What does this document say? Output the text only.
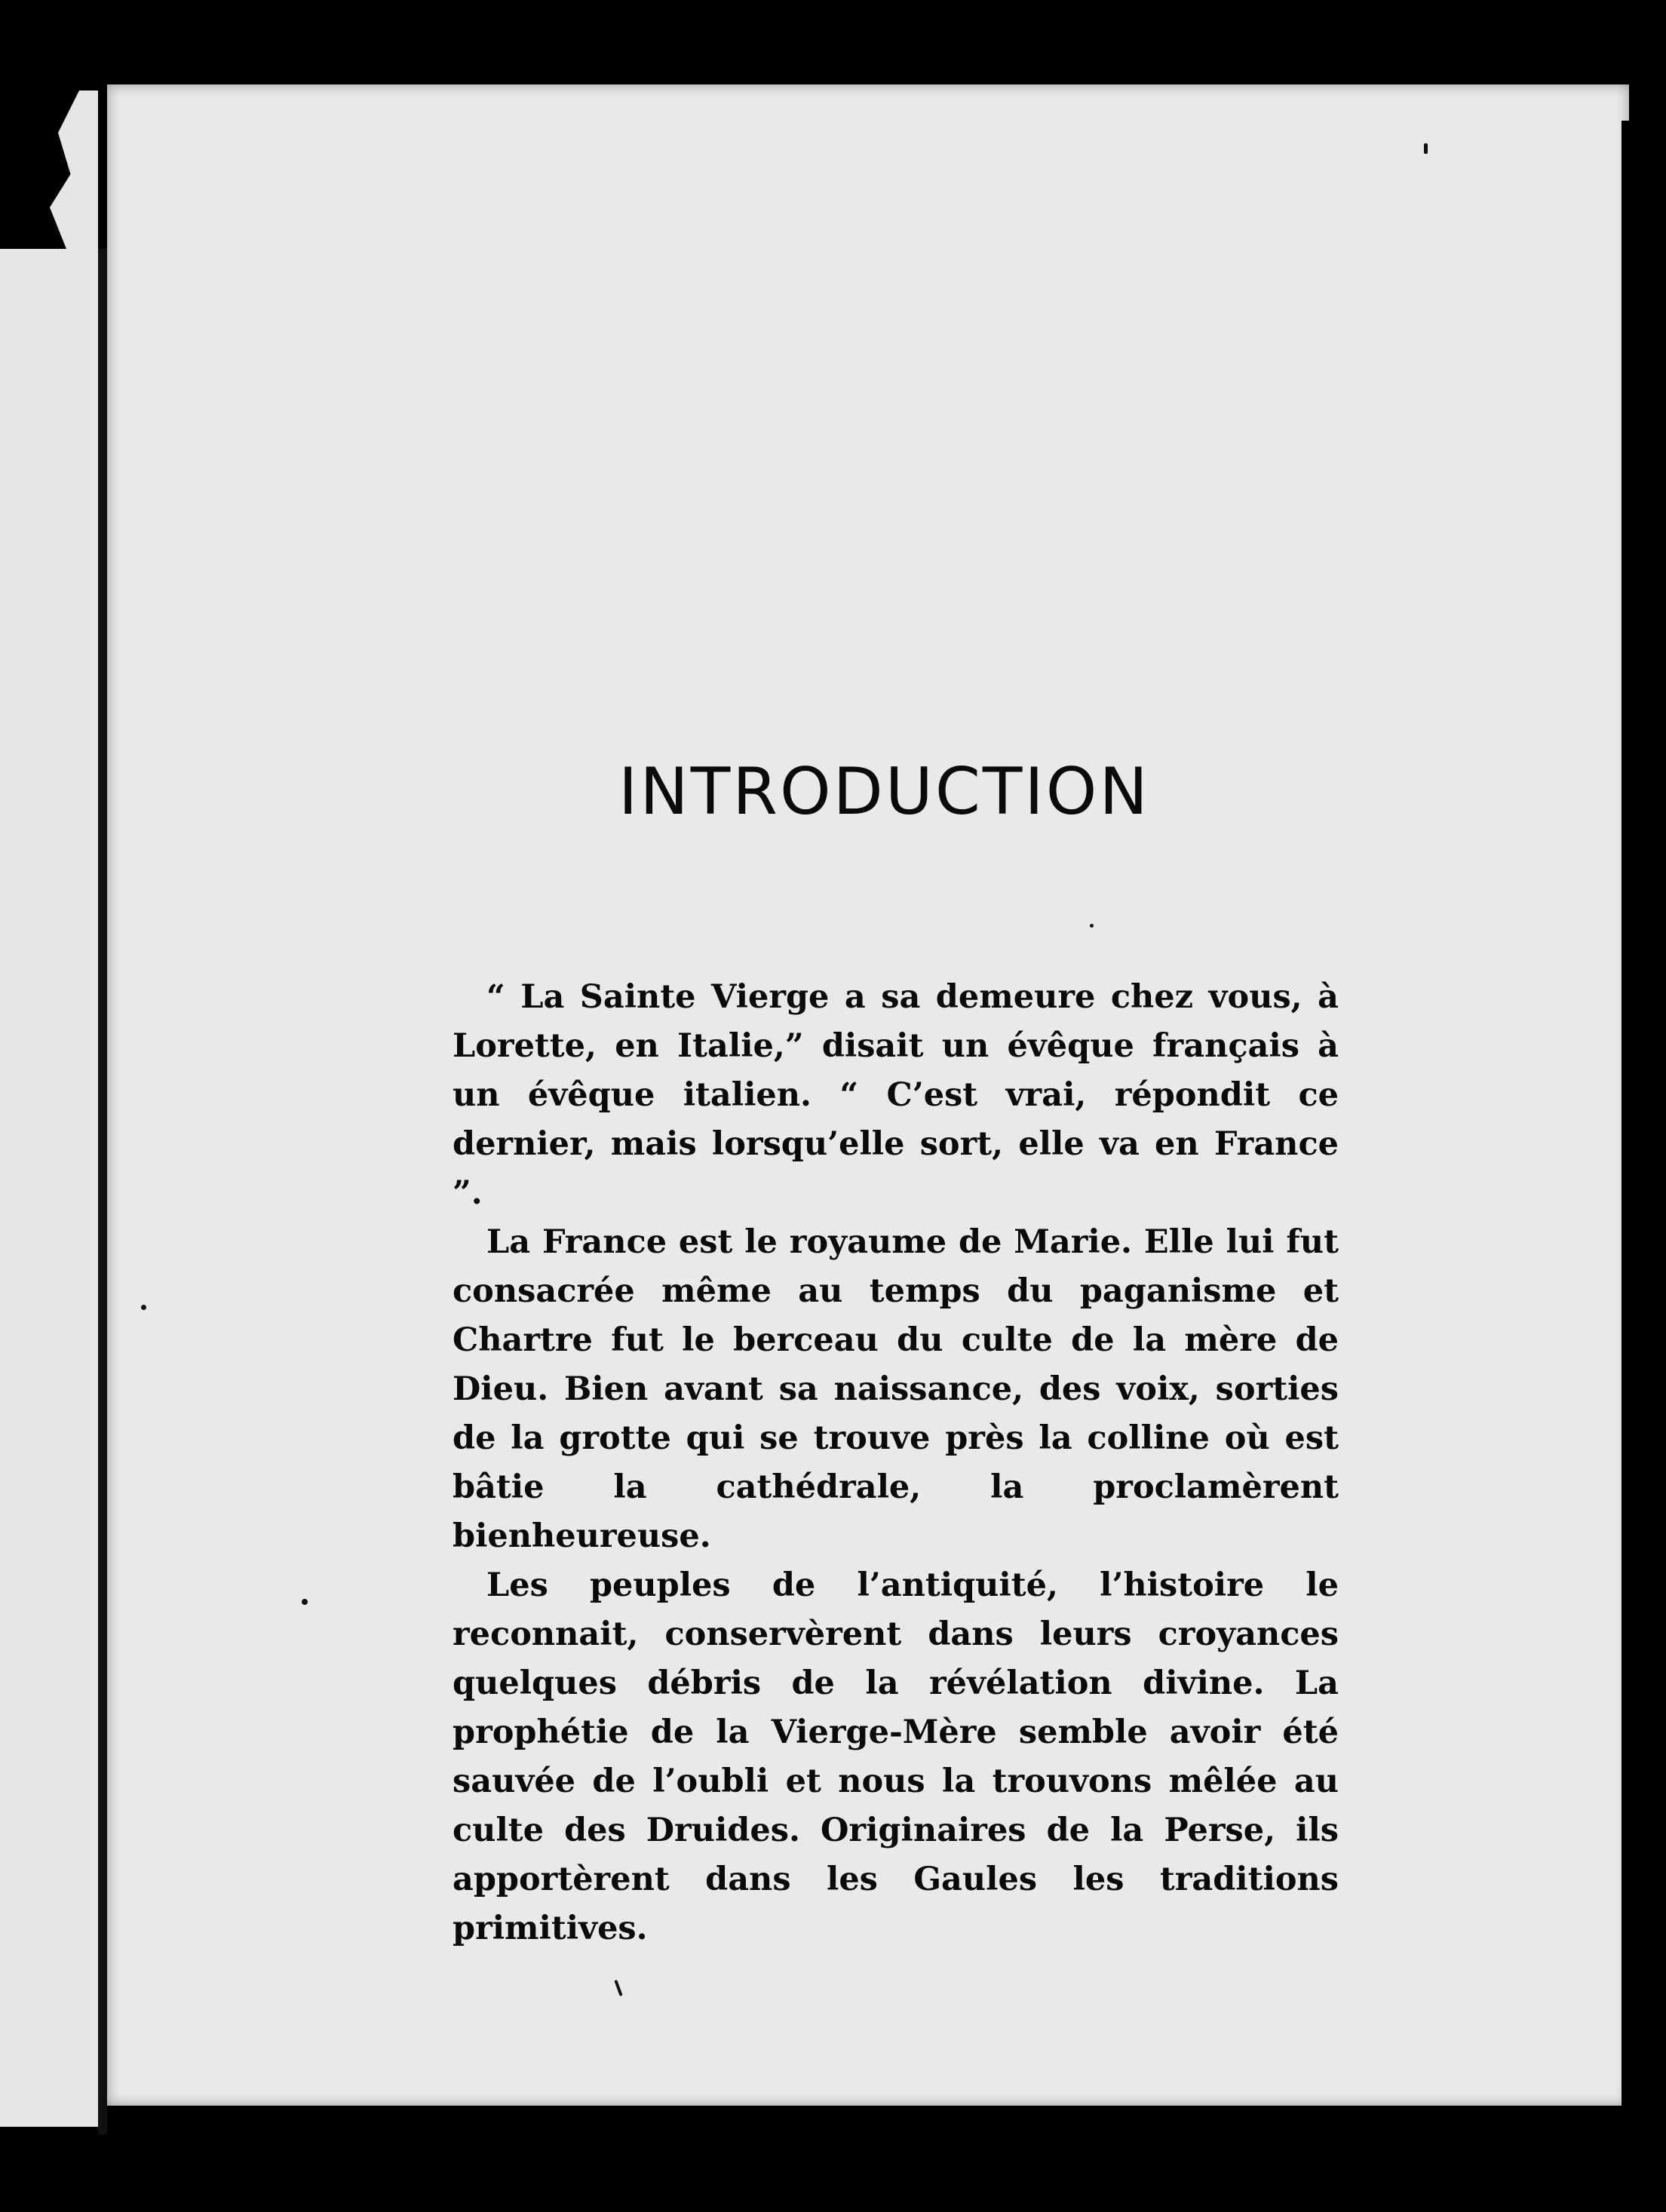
INTRODUCTION

“ La Sainte Vierge a sa demeure chez vous, à Lorette, en Italie,” disait un évêque français à un évêque italien. “ C’est vrai, répondit ce dernier, mais lorsqu’elle sort, elle va en France ”.

La France est le royaume de Marie. Elle lui fut consacrée même au temps du paganisme et Chartre fut le berceau du culte de la mère de Dieu. Bien avant sa naissance, des voix, sorties de la grotte qui se trouve près la colline où est bâtie la cathédrale, la proclamèrent bienheureuse.

Les peuples de l’antiquité, l’histoire le reconnait, conservèrent dans leurs croyances quelques débris de la révélation divine. La prophétie de la Vierge-Mère semble avoir été sauvée de l’oubli et nous la trouvons mêlée au culte des Druides. Originaires de la Perse, ils apportèrent dans les Gaules les traditions primitives.
